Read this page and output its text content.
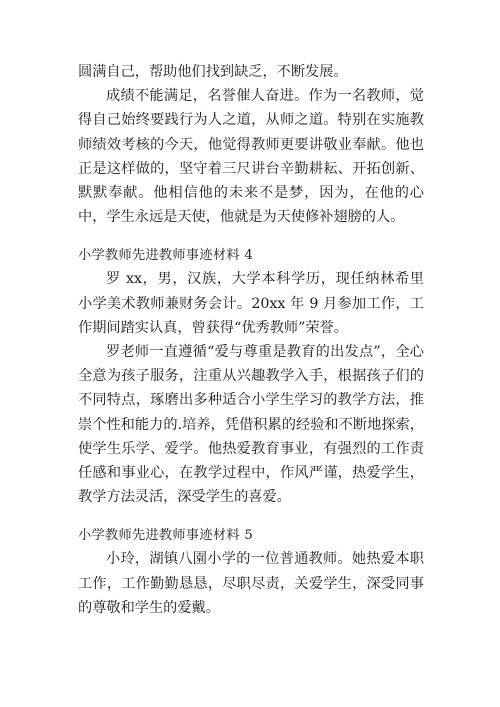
圆满自己，帮助他们找到缺乏，不断发展。

成绩不能满足，名誉催人奋进。作为一名教师，觉得自己始终要践行为人之道，从师之道。特别在实施教师绩效考核的今天，他觉得教师更要讲敬业奉献。他也正是这样做的，坚守着三尺讲台辛勤耕耘、开拓创新、默默奉献。他相信他的未来不是梦，因为，在他的心中，学生永远是天使，他就是为天使修补翅膀的人。

小学教师先进教师事迹材料 4

罗 xx，男，汉族，大学本科学历，现任纳林希里小学美术教师兼财务会计。20xx 年 9 月参加工作，工作期间踏实认真，曾获得“优秀教师”荣誉。

罗老师一直遵循“爱与尊重是教育的出发点”，全心全意为孩子服务，注重从兴趣教学入手，根据孩子们的不同特点，琢磨出多种适合小学生学习的教学方法，推崇个性和能力的.培养，凭借积累的经验和不断地探索，使学生乐学、爱学。他热爱教育事业，有强烈的工作责任感和事业心，在教学过程中，作风严谨，热爱学生，教学方法灵活，深受学生的喜爱。

小学教师先进教师事迹材料 5

小玲，湖镇八園小学的一位普通教师。她热爱本职工作，工作勤勤恳恳，尽职尽责，关爱学生，深受同事的尊敬和学生的爱戴。
